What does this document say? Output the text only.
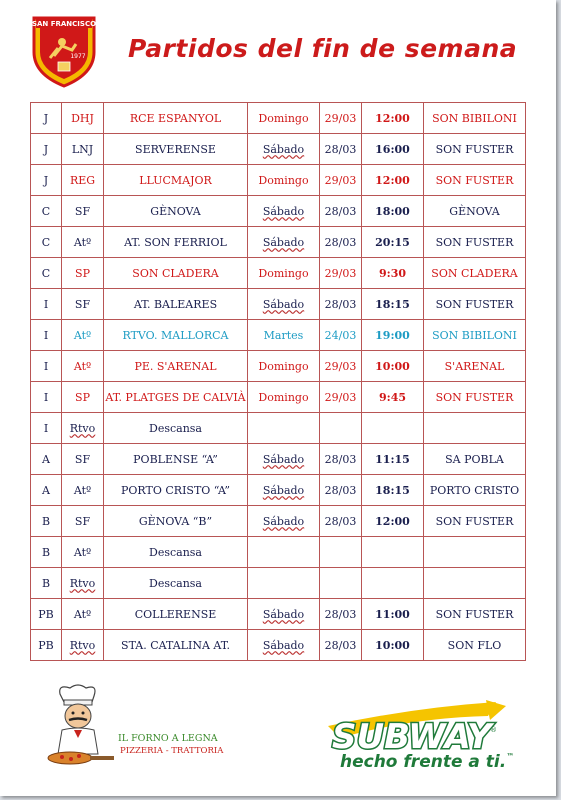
SAN FRANCISCO
1977 Partidos del fin de semana
J	DHJ	RCE ESPANYOL	Domingo	29/03	12:00	SON BIBILONI
J	LNJ	SERVERENSE	Sábado	28/03	16:00	SON FUSTER
J	REG	LLUCMAJOR	Domingo	29/03	12:00	SON FUSTER
C	SF	GÈNOVA	Sábado	28/03	18:00	GÈNOVA
C	Atº	AT. SON FERRIOL	Sábado	28/03	20:15	SON FUSTER
C	SP	SON CLADERA	Domingo	29/03	9:30	SON CLADERA
I	SF	AT. BALEARES	Sábado	28/03	18:15	SON FUSTER
I	Atº	RTVO. MALLORCA	Martes	24/03	19:00	SON BIBILONI
I	Atº	PE. S'ARENAL	Domingo	29/03	10:00	S'ARENAL
I	SP	AT. PLATGES DE CALVIÀ	Domingo	29/03	9:45	SON FUSTER
I	Rtvo	Descansa				
A	SF	POBLENSE “A”	Sábado	28/03	11:15	SA POBLA
A	Atº	PORTO CRISTO “A”	Sábado	28/03	18:15	PORTO CRISTO
B	SF	GÈNOVA “B”	Sábado	28/03	12:00	SON FUSTER
B	Atº	Descansa				
B	Rtvo	Descansa				
PB	Atº	COLLERENSE	Sábado	28/03	11:00	SON FUSTER
PB	Rtvo	STA. CATALINA AT.	Sábado	28/03	10:00	SON FLO
IL FORNO A LEGNA
PIZZERIA - TRATTORIA	SUBWAY
®
hecho frente a ti.™
